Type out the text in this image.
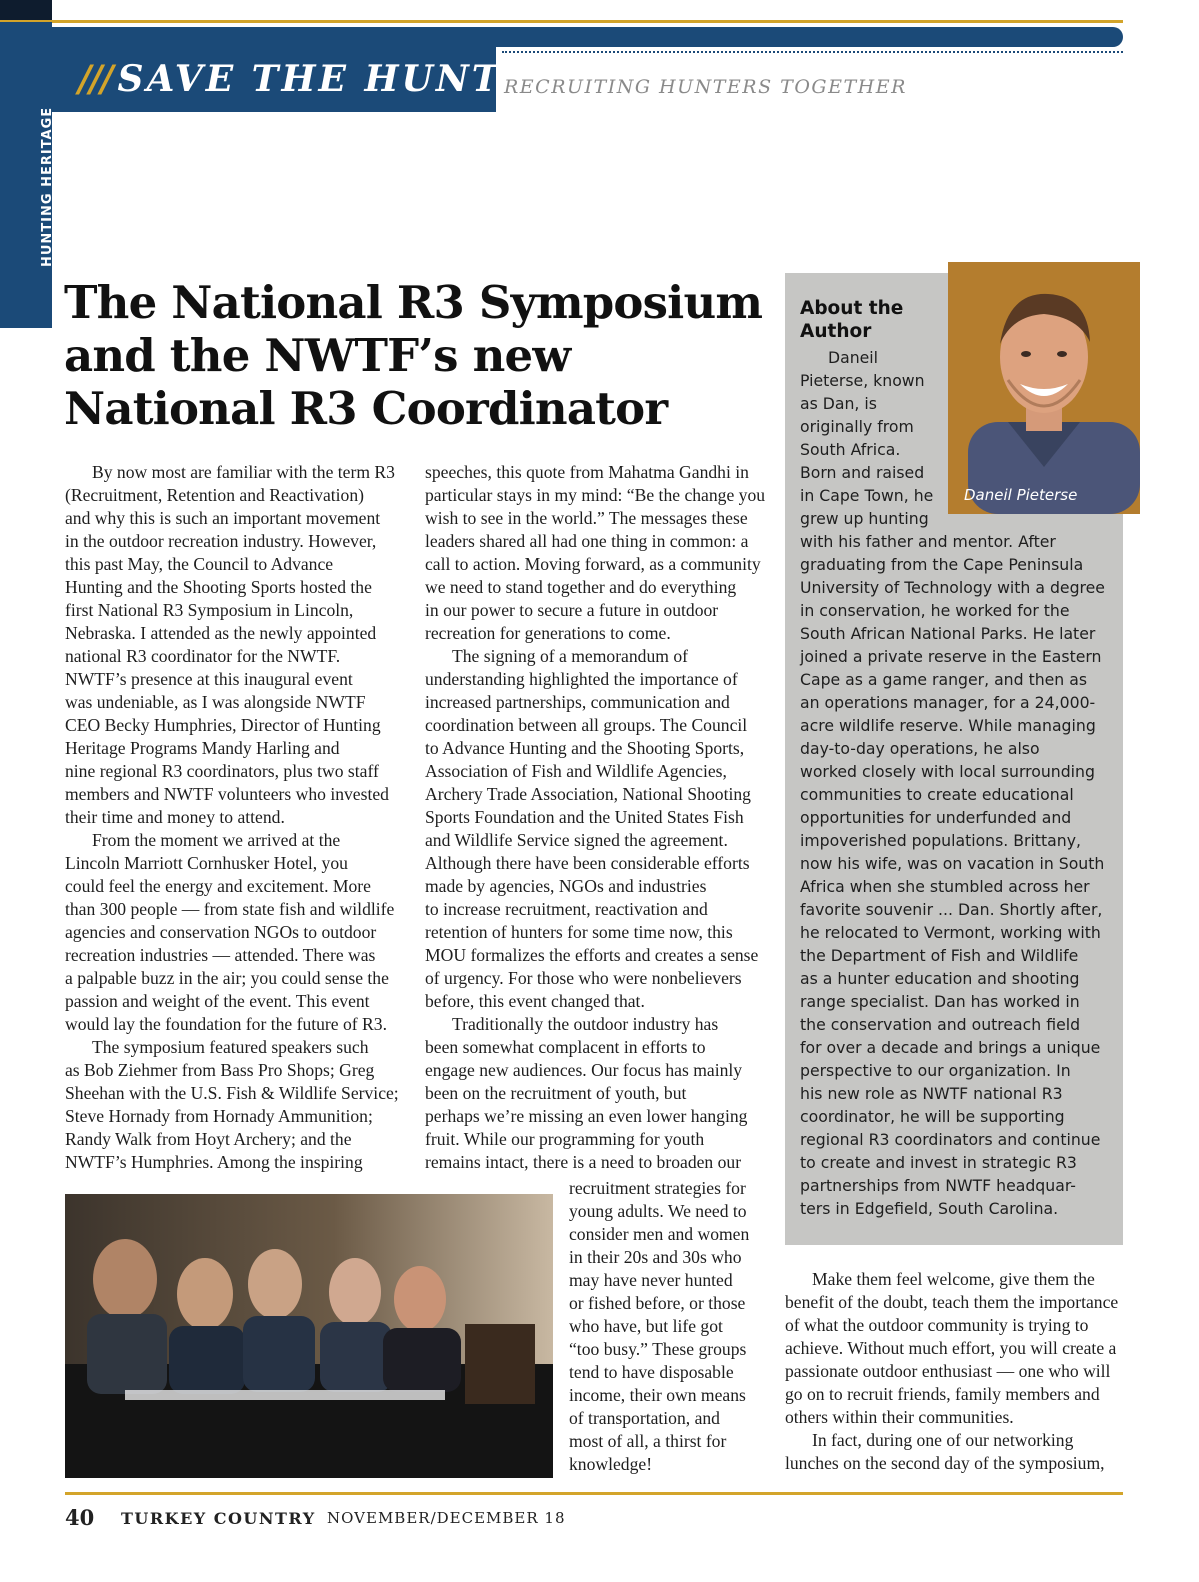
/// SAVE THE HUNT RECRUITING HUNTERS TOGETHER
HUNTING HERITAGE
The National R3 Symposium
and the NWTF’s new
National R3 Coordinator

By now most are familiar with the term R3

(Recruitment, Retention and Reactivation)

and why this is such an important movement

in the outdoor recreation industry. However,

this past May, the Council to Advance

Hunting and the Shooting Sports hosted the

first National R3 Symposium in Lincoln,

Nebraska. I attended as the newly appointed

national R3 coordinator for the NWTF.

NWTF’s presence at this inaugural event

was undeniable, as I was alongside NWTF

CEO Becky Humphries, Director of Hunting

Heritage Programs Mandy Harling and

nine regional R3 coordinators, plus two staff

members and NWTF volunteers who invested

their time and money to attend.

From the moment we arrived at the

Lincoln Marriott Cornhusker Hotel, you

could feel the energy and excitement. More

than 300 people — from state fish and wildlife

agencies and conservation NGOs to outdoor

recreation industries — attended. There was

a palpable buzz in the air; you could sense the

passion and weight of the event. This event

would lay the foundation for the future of R3.

The symposium featured speakers such

as Bob Ziehmer from Bass Pro Shops; Greg

Sheehan with the U.S. Fish & Wildlife Service;

Steve Hornady from Hornady Ammunition;

Randy Walk from Hoyt Archery; and the

NWTF’s Humphries. Among the inspiring

speeches, this quote from Mahatma Gandhi in

particular stays in my mind: “Be the change you

wish to see in the world.” The messages these

leaders shared all had one thing in common: a

call to action. Moving forward, as a community

we need to stand together and do everything

in our power to secure a future in outdoor

recreation for generations to come.

The signing of a memorandum of

understanding highlighted the importance of

increased partnerships, communication and

coordination between all groups. The Council

to Advance Hunting and the Shooting Sports,

Association of Fish and Wildlife Agencies,

Archery Trade Association, National Shooting

Sports Foundation and the United States Fish

and Wildlife Service signed the agreement.

Although there have been considerable efforts

made by agencies, NGOs and industries

to increase recruitment, reactivation and

retention of hunters for some time now, this

MOU formalizes the efforts and creates a sense

of urgency. For those who were nonbelievers

before, this event changed that.

Traditionally the outdoor industry has

been somewhat complacent in efforts to

engage new audiences. Our focus has mainly

been on the recruitment of youth, but

perhaps we’re missing an even lower hanging

fruit. While our programming for youth

remains intact, there is a need to broaden our

recruitment strategies for

young adults. We need to

consider men and women

in their 20s and 30s who

may have never hunted

or fished before, or those

who have, but life got

“too busy.” These groups

tend to have disposable

income, their own means

of transportation, and

most of all, a thirst for

knowledge!

Daneil Pieterse
About the
Author

Daneil

Pieterse, known

as Dan, is

originally from

South Africa.

Born and raised

in Cape Town, he

grew up hunting

with his father and mentor. After

graduating from the Cape Peninsula

University of Technology with a degree

in conservation, he worked for the

South African National Parks. He later

joined a private reserve in the Eastern

Cape as a game ranger, and then as

an operations manager, for a 24,000-

acre wildlife reserve. While managing

day-to-day operations, he also

worked closely with local surrounding

communities to create educational

opportunities for underfunded and

impoverished populations. Brittany,

now his wife, was on vacation in South

Africa when she stumbled across her

favorite souvenir ... Dan. Shortly after,

he relocated to Vermont, working with

the Department of Fish and Wildlife

as a hunter education and shooting

range specialist. Dan has worked in

the conservation and outreach field

for over a decade and brings a unique

perspective to our organization. In

his new role as NWTF national R3

coordinator, he will be supporting

regional R3 coordinators and continue

to create and invest in strategic R3

partnerships from NWTF headquar-

ters in Edgefield, South Carolina.

Make them feel welcome, give them the

benefit of the doubt, teach them the importance

of what the outdoor community is trying to

achieve. Without much effort, you will create a

passionate outdoor enthusiast — one who will

go on to recruit friends, family members and

others within their communities.

In fact, during one of our networking

lunches on the second day of the symposium,

40 TURKEY COUNTRY NOVEMBER/DECEMBER 18
